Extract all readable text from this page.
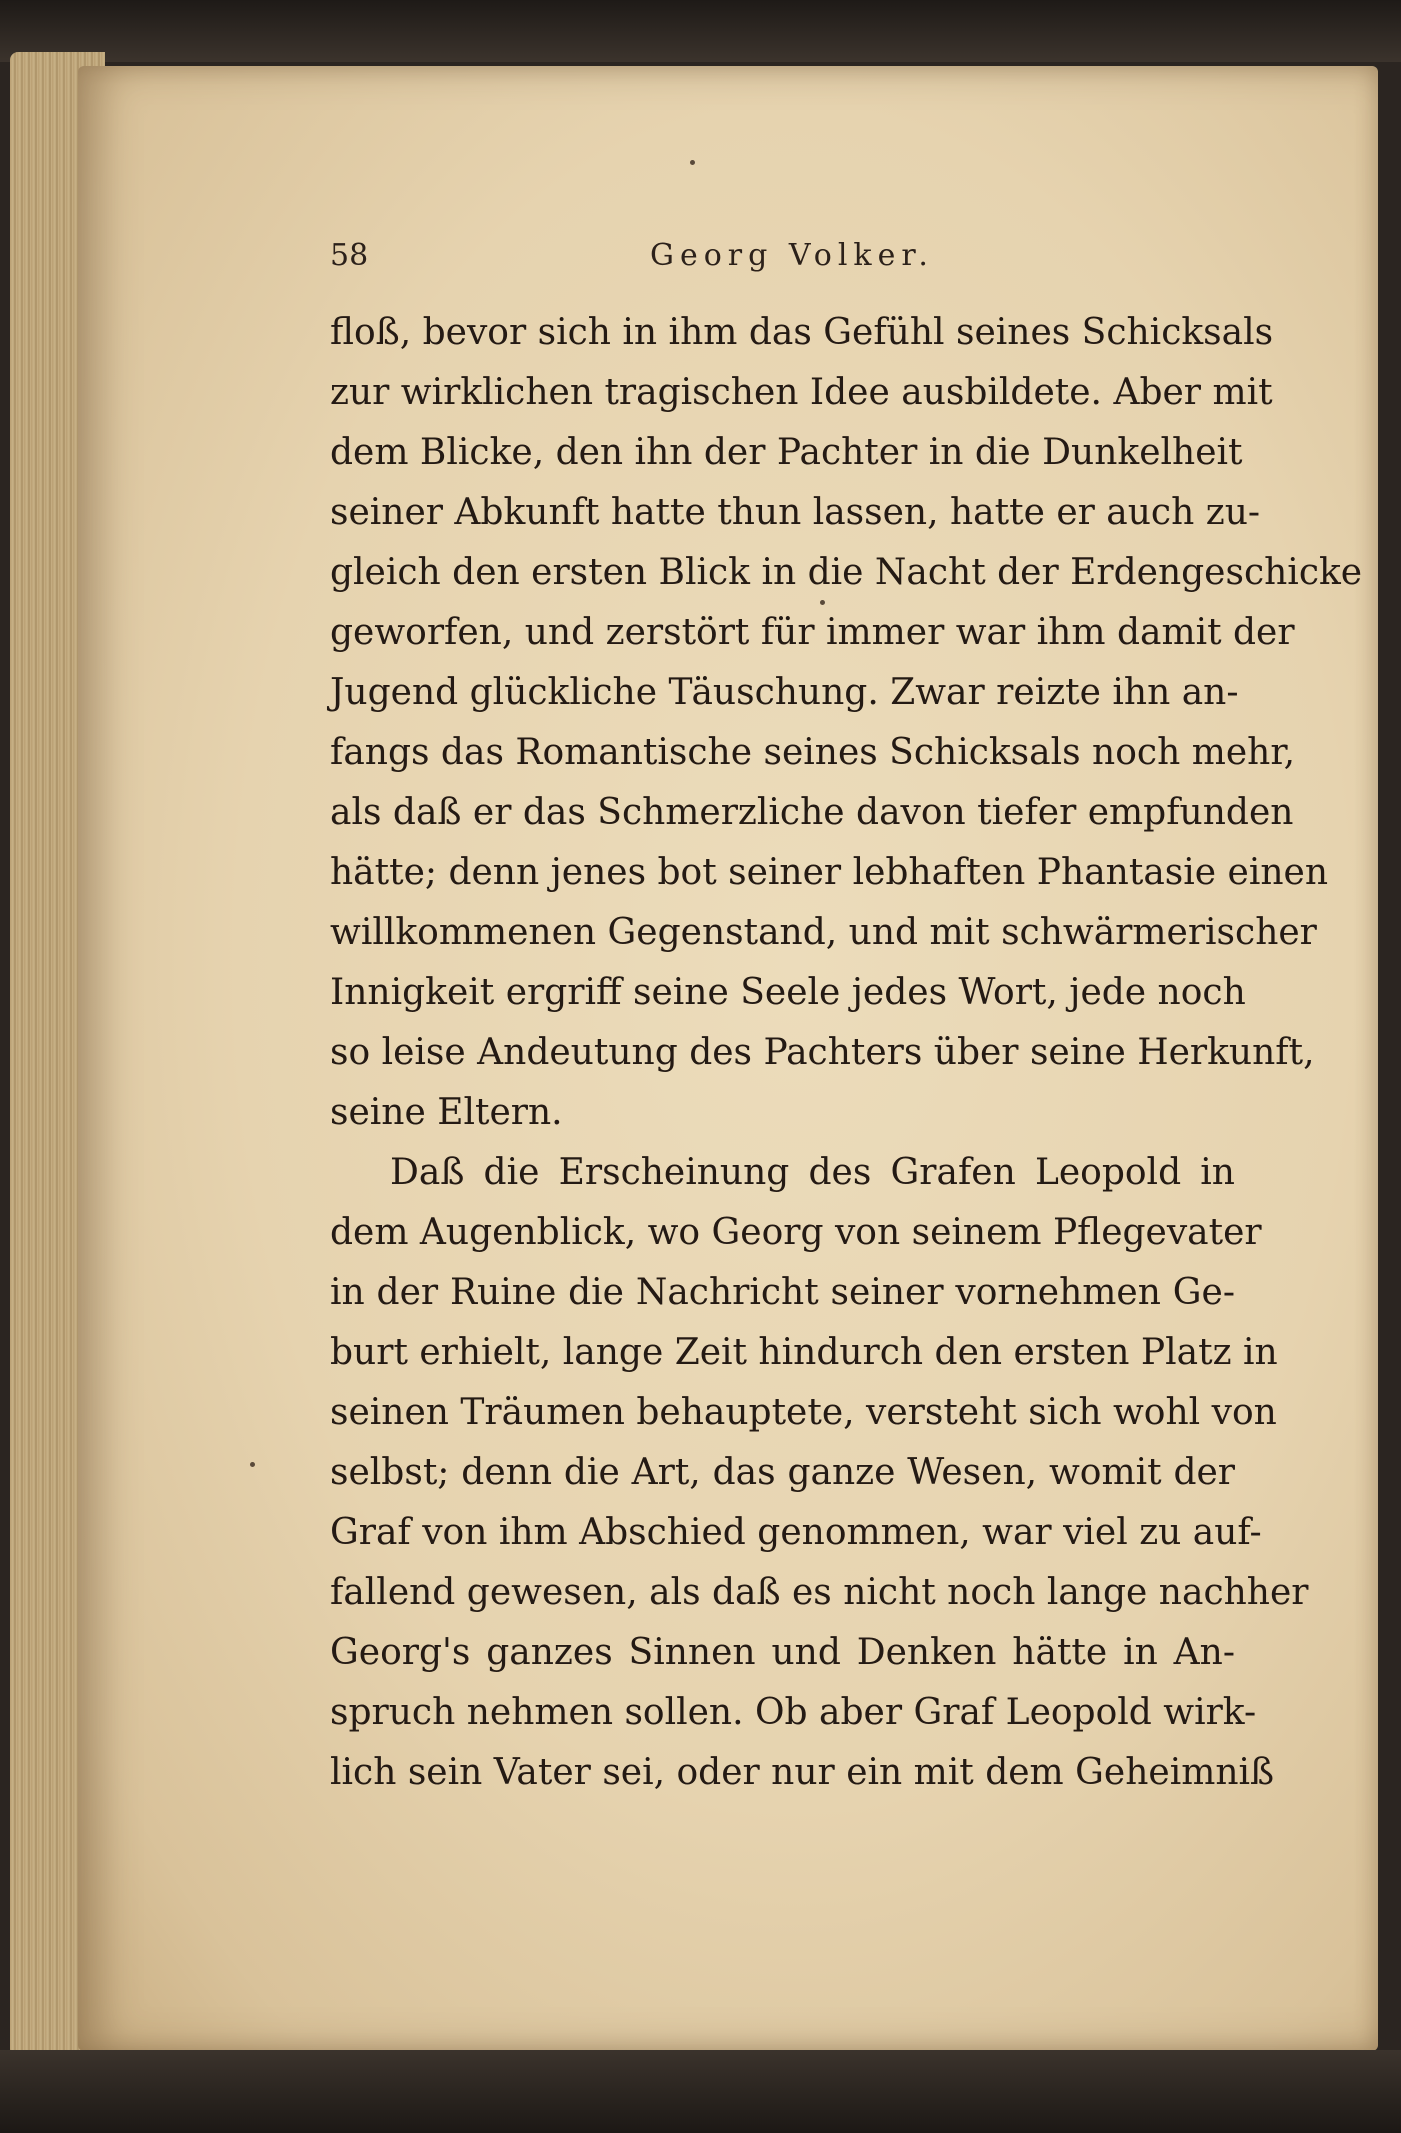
58	Georg Volker.
floß, bevor sich in ihm das Gefühl seines Schicksals
zur wirklichen tragischen Idee ausbildete. Aber mit
dem Blicke, den ihn der Pachter in die Dunkelheit
seiner Abkunft hatte thun lassen, hatte er auch zu-
gleich den ersten Blick in die Nacht der Erdengeschicke
geworfen, und zerstört für immer war ihm damit der
Jugend glückliche Täuschung. Zwar reizte ihn an-
fangs das Romantische seines Schicksals noch mehr,
als daß er das Schmerzliche davon tiefer empfunden
hätte; denn jenes bot seiner lebhaften Phantasie einen
willkommenen Gegenstand, und mit schwärmerischer
Innigkeit ergriff seine Seele jedes Wort, jede noch
so leise Andeutung des Pachters über seine Herkunft,
seine Eltern.
Daß die Erscheinung des Grafen Leopold in
dem Augenblick, wo Georg von seinem Pflegevater
in der Ruine die Nachricht seiner vornehmen Ge-
burt erhielt, lange Zeit hindurch den ersten Platz in
seinen Träumen behauptete, versteht sich wohl von
selbst; denn die Art, das ganze Wesen, womit der
Graf von ihm Abschied genommen, war viel zu auf-
fallend gewesen, als daß es nicht noch lange nachher
Georg's ganzes Sinnen und Denken hätte in An-
spruch nehmen sollen. Ob aber Graf Leopold wirk-
lich sein Vater sei, oder nur ein mit dem Geheimniß
